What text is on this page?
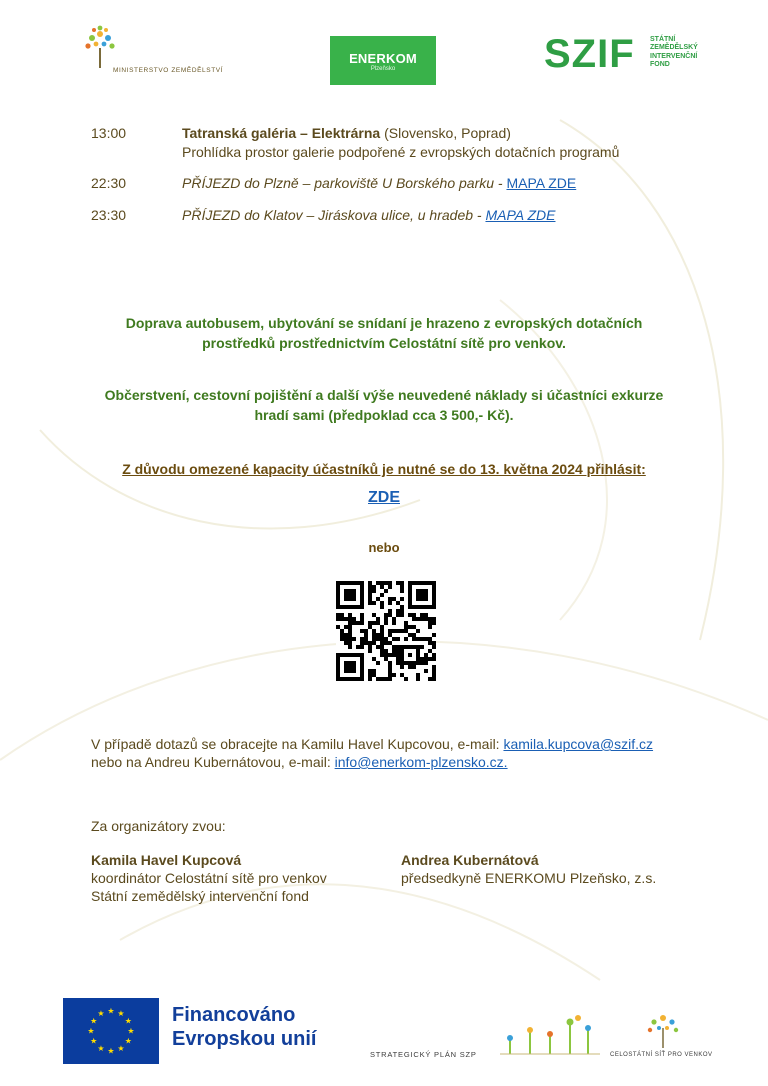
MINISTERSTVO ZEMĚDĚLSTVÍ
ENERKOM
Plzeňsko	SZIF STÁTNÍ
ZEMĚDĚLSKÝ
INTERVENČNÍ
FOND
13:00	Tatranská galéria – Elektrárna (Slovensko, Poprad)
Prohlídka prostor galerie podpořené z evropských dotačních programů
22:30	PŘÍJEZD do Plzně – parkoviště U Borského parku - MAPA ZDE
23:30	PŘÍJEZD do Klatov – Jiráskova ulice, u hradeb - MAPA ZDE
Doprava autobusem, ubytování se snídaní je hrazeno z evropských dotačních
prostředků prostřednictvím Celostátní sítě pro venkov.
Občerstvení, cestovní pojištění a další výše neuvedené náklady si účastníci exkurze
hradí sami (předpoklad cca 3 500,- Kč).
Z důvodu omezené kapacity účastníků je nutné se do 13. května 2024 přihlásit:
ZDE
nebo
V případě dotazů se obracejte na Kamilu Havel Kupcovou, e-mail: kamila.kupcova@szif.cz
nebo na Andreu Kubernátovou, e-mail: info@enerkom-plzensko.cz.
Za organizátory zvou:
Kamila Havel Kupcová
koordinátor Celostátní sítě pro venkov
Státní zemědělský intervenční fond
Andrea Kubernátová
předsedkyně ENERKOMU Plzeňsko, z.s.
★ ★
★
★
★
★
★
★
★
★
★
★	Financováno
Evropskou unií
STRATEGICKÝ PLÁN SZP	CELOSTÁTNÍ SÍŤ PRO VENKOV
